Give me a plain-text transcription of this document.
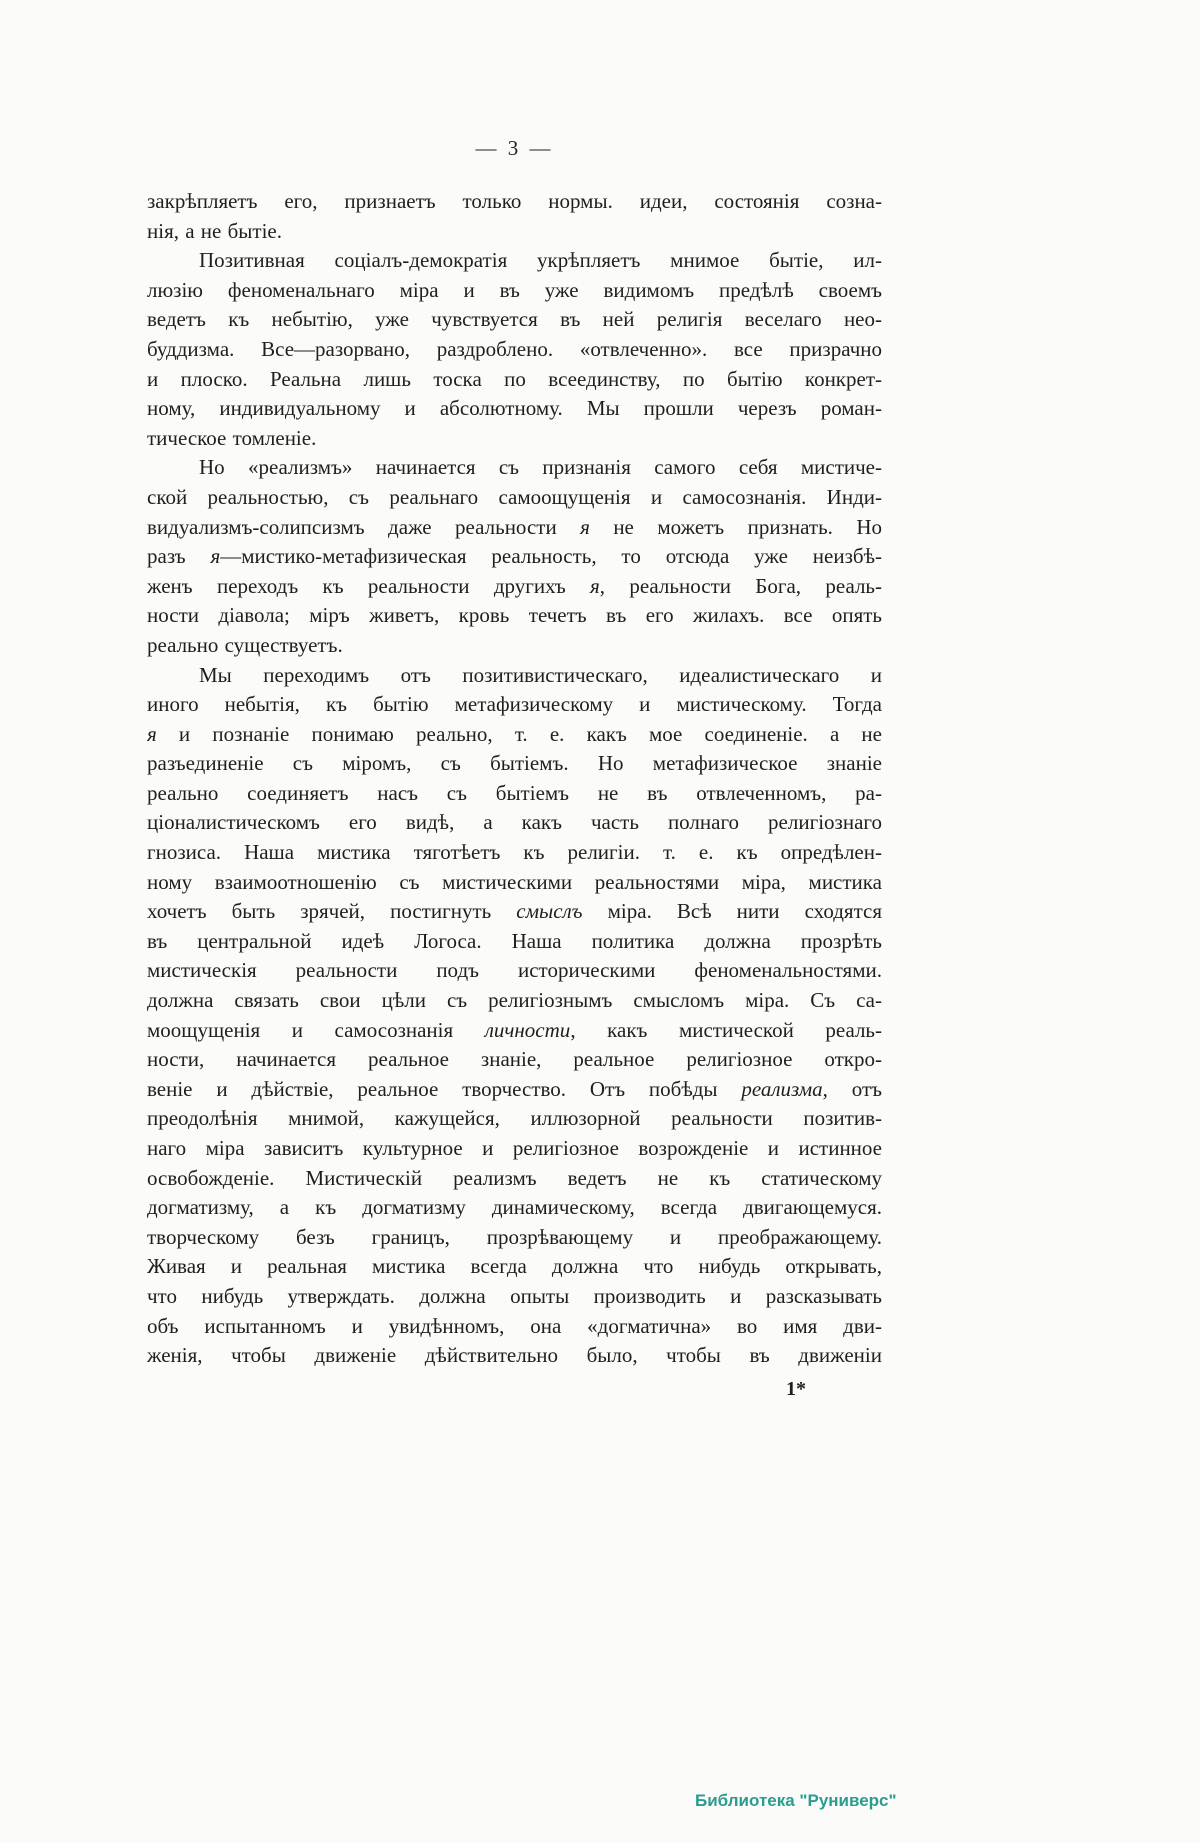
— 3 —
закрѣпляетъ его, признаетъ только нормы. идеи, состоянія созна-
нія, а не бытіе.
Позитивная соціалъ-демократія укрѣпляетъ мнимое бытіе, ил-
люзію феноменальнаго міра и въ уже видимомъ предѣлѣ своемъ
ведетъ къ небытію, уже чувствуется въ ней религія веселаго нео-
буддизма. Все—разорвано, раздроблено. «отвлеченно». все призрачно
и плоско. Реальна лишь тоска по всеединству, по бытію конкрет-
ному, индивидуальному и абсолютному. Мы прошли черезъ роман-
тическое томленіе.
Но «реализмъ» начинается съ признанія самого себя мистиче-
ской реальностью, съ реальнаго самоощущенія и самосознанія. Инди-
видуализмъ-солипсизмъ даже реальности я не можетъ признать. Но
разъ я—мистико-метафизическая реальность, то отсюда уже неизбѣ-
женъ переходъ къ реальности другихъ я, реальности Бога, реаль-
ности діавола; міръ живетъ, кровь течетъ въ его жилахъ. все опять
реально существуетъ.
Мы переходимъ отъ позитивистическаго, идеалистическаго и
иного небытія, къ бытію метафизическому и мистическому. Тогда
я и познаніе понимаю реально, т. е. какъ мое соединеніе. а не
разъединеніе съ міромъ, съ бытіемъ. Но метафизическое знаніе
реально соединяетъ насъ съ бытіемъ не въ отвлеченномъ, ра-
ціоналистическомъ его видѣ, а какъ часть полнаго религіознаго
гнозиса. Наша мистика тяготѣетъ къ религіи. т. е. къ опредѣлен-
ному взаимоотношенію съ мистическими реальностями міра, мистика
хочетъ быть зрячей, постигнуть смыслъ міра. Всѣ нити сходятся
въ центральной идеѣ Логоса. Наша политика должна прозрѣть
мистическія реальности подъ историческими феноменальностями.
должна связать свои цѣли съ религіознымъ смысломъ міра. Съ са-
моощущенія и самосознанія личности, какъ мистической реаль-
ности, начинается реальное знаніе, реальное религіозное откро-
веніе и дѣйствіе, реальное творчество. Отъ побѣды реализма, отъ
преодолѣнія мнимой, кажущейся, иллюзорной реальности позитив-
наго міра зависитъ культурное и религіозное возрожденіе и истинное
освобожденіе. Мистическій реализмъ ведетъ не къ статическому
догматизму, а къ догматизму динамическому, всегда двигающемуся.
творческому безъ границъ, прозрѣвающему и преображающему.
Живая и реальная мистика всегда должна что нибудь открывать,
что нибудь утверждать. должна опыты производить и разсказывать
объ испытанномъ и увидѣнномъ, она «догматична» во имя дви-
женія, чтобы движеніе дѣйствительно было, чтобы въ движеніи
1*
Библиотека "Руниверс"
